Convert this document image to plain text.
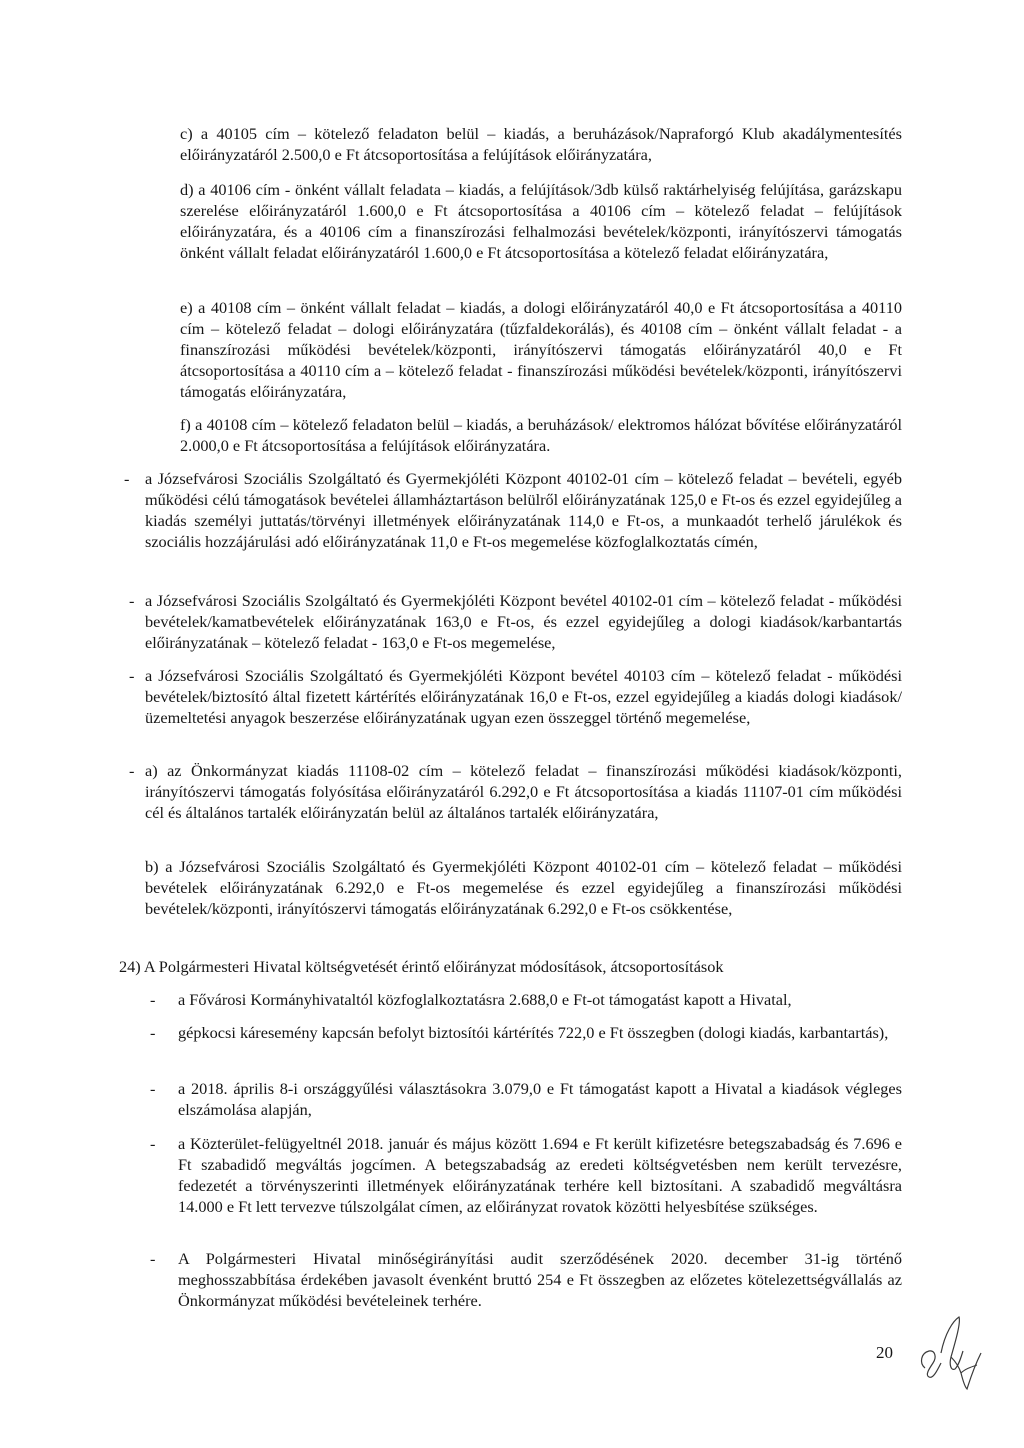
c) a 40105 cím – kötelező feladaton belül – kiadás, a beruházások/Napraforgó Klub akadálymentesítés előirányzatáról 2.500,0 e Ft átcsoportosítása a felújítások előirányzatára,

d) a 40106 cím - önként vállalt feladata – kiadás, a felújítások/3db külső raktárhelyiség felújítása, garázskapu szerelése előirányzatáról 1.600,0 e Ft átcsoportosítása a 40106 cím – kötelező feladat – felújítások előirányzatára, és a 40106 cím a finanszírozási felhalmozási bevételek/központi, irányítószervi támogatás önként vállalt feladat előirányzatáról 1.600,0 e Ft átcsoportosítása a kötelező feladat előirányzatára,

e) a 40108 cím – önként vállalt feladat – kiadás, a dologi előirányzatáról 40,0 e Ft átcsoportosítása a 40110 cím – kötelező feladat – dologi előirányzatára (tűzfaldekorálás), és 40108 cím – önként vállalt feladat - a finanszírozási működési bevételek/központi, irányítószervi támogatás előirányzatáról 40,0 e Ft átcsoportosítása a 40110 cím a – kötelező feladat - finanszírozási működési bevételek/központi, irányítószervi támogatás előirányzatára,

f) a 40108 cím – kötelező feladaton belül – kiadás, a beruházások/ elektromos hálózat bővítése előirányzatáról 2.000,0 e Ft átcsoportosítása a felújítások előirányzatára.

- a Józsefvárosi Szociális Szolgáltató és Gyermekjóléti Központ 40102-01 cím – kötelező feladat – bevételi, egyéb működési célú támogatások bevételei államháztartáson belülről előirányzatának 125,0 e Ft-os és ezzel egyidejűleg a kiadás személyi juttatás/törvényi illetmények előirányzatának 114,0 e Ft-os, a munkaadót terhelő járulékok és szociális hozzájárulási adó előirányzatának 11,0 e Ft-os megemelése közfoglalkoztatás címén,

- a Józsefvárosi Szociális Szolgáltató és Gyermekjóléti Központ bevétel 40102-01 cím – kötelező feladat - működési bevételek/kamatbevételek előirányzatának 163,0 e Ft-os, és ezzel egyidejűleg a dologi kiadások/karbantartás előirányzatának – kötelező feladat - 163,0 e Ft-os megemelése,

- a Józsefvárosi Szociális Szolgáltató és Gyermekjóléti Központ bevétel 40103 cím – kötelező feladat - működési bevételek/biztosító által fizetett kártérítés előirányzatának 16,0 e Ft-os, ezzel egyidejűleg a kiadás dologi kiadások/üzemeltetési anyagok beszerzése előirányzatának ugyan ezen összeggel történő megemelése,

- a) az Önkormányzat kiadás 11108-02 cím – kötelező feladat – finanszírozási működési kiadások/központi, irányítószervi támogatás folyósítása előirányzatáról 6.292,0 e Ft átcsoportosítása a kiadás 11107-01 cím működési cél és általános tartalék előirányzatán belül az általános tartalék előirányzatára,

b) a Józsefvárosi Szociális Szolgáltató és Gyermekjóléti Központ 40102-01 cím – kötelező feladat – működési bevételek előirányzatának 6.292,0 e Ft-os megemelése és ezzel egyidejűleg a finanszírozási működési bevételek/központi, irányítószervi támogatás előirányzatának 6.292,0 e Ft-os csökkentése,

24) A Polgármesteri Hivatal költségvetését érintő előirányzat módosítások, átcsoportosítások

- a Fővárosi Kormányhivataltól közfoglalkoztatásra 2.688,0 e Ft-ot támogatást kapott a Hivatal,

- gépkocsi káresemény kapcsán befolyt biztosítói kártérítés 722,0 e Ft összegben (dologi kiadás, karbantartás),

- a 2018. április 8-i országgyűlési választásokra 3.079,0 e Ft támogatást kapott a Hivatal a kiadások végleges elszámolása alapján,

- a Közterület-felügyeltnél 2018. január és május között 1.694 e Ft került kifizetésre betegszabadság és 7.696 e Ft szabadidő megváltás jogcímen. A betegszabadság az eredeti költségvetésben nem került tervezésre, fedezetét a törvényszerinti illetmények előirányzatának terhére kell biztosítani. A szabadidő megváltásra 14.000 e Ft lett tervezve túlszolgálat címen, az előirányzat rovatok közötti helyesbítése szükséges.

- A Polgármesteri Hivatal minőségirányítási audit szerződésének 2020. december 31-ig történő meghosszabbítása érdekében javasolt évenként bruttó 254 e Ft összegben az előzetes kötelezettségvállalás az Önkormányzat működési bevételeinek terhére.

20
